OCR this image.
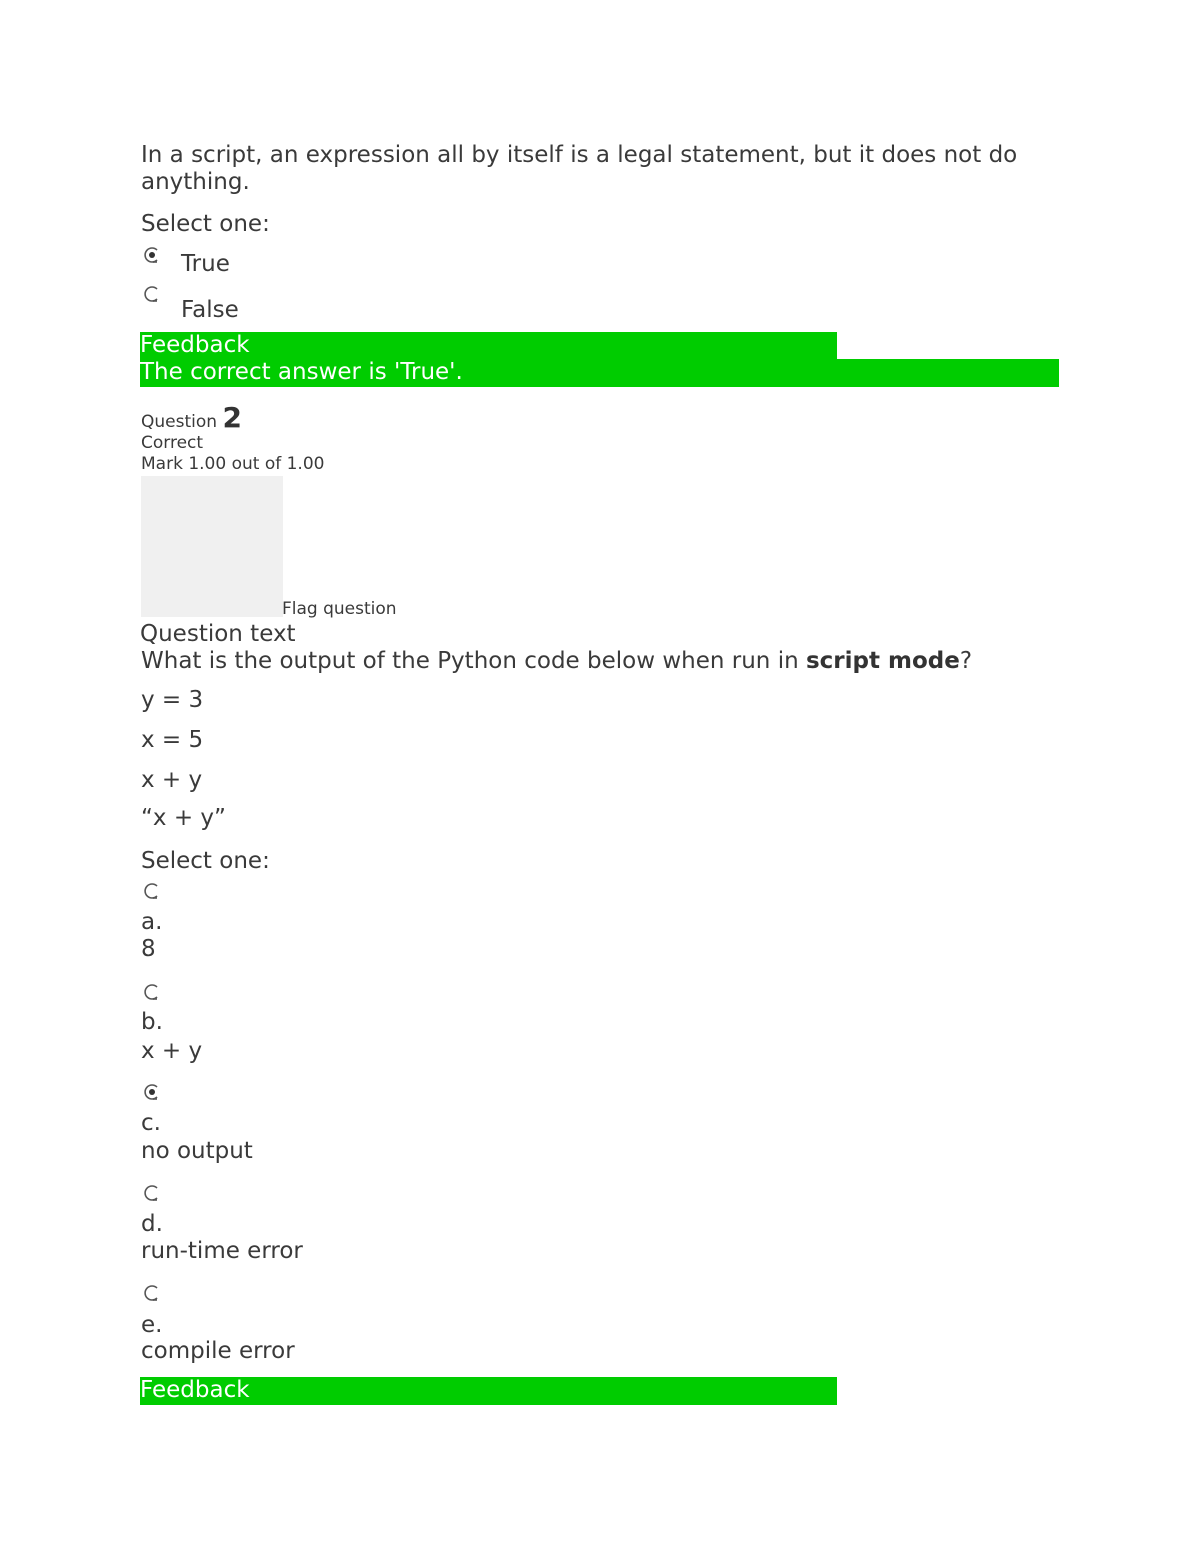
In a script, an expression all by itself is a legal statement, but it does not do
anything.
Select one:
True
False
Feedback
The correct answer is 'True'.
Question 2
Correct
Mark 1.00 out of 1.00
Flag question
Question text
What is the output of the Python code below when run in script mode?
y = 3
x = 5
x + y
“x + y”
Select one:
a.
8
b.
x + y
c.
no output
d.
run-time error
e.
compile error
Feedback
